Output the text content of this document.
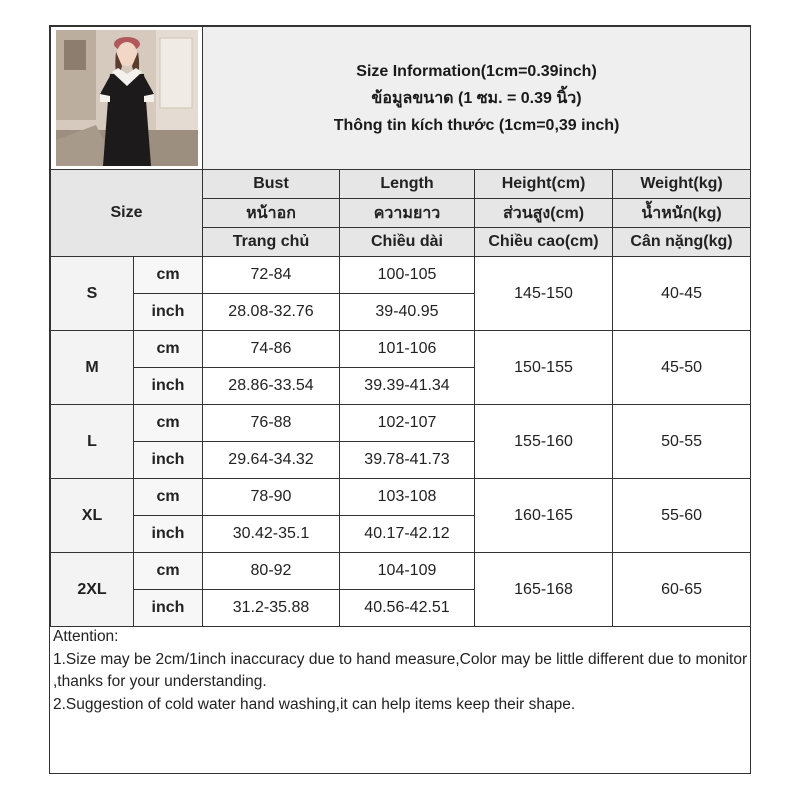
Size Information(1cm=0.39inch)
ข้อมูลขนาด (1 ซม. = 0.39 นิ้ว)
Thông tin kích thước (1cm=0,39 inch)			

Size		Bust	Length	Height(cm)	Weight(kg)
		หน้าอก	ความยาว	ส่วนสูง(cm)	น้ำหนัก(kg)
		Trang chủ	Chiều dài	Chiều cao(cm)	Cân nặng(kg)
S	cm	72-84	100-105	145-150	40-45
	inch	28.08-32.76	39-40.95		
M	cm	74-86	101-106	150-155	45-50
	inch	28.86-33.54	39.39-41.34		
L	cm	76-88	102-107	155-160	50-55
	inch	29.64-34.32	39.78-41.73		
XL	cm	78-90	103-108	160-165	55-60
	inch	30.42-35.1	40.17-42.12		
2XL	cm	80-92	104-109	165-168	60-65
	inch	31.2-35.88	40.56-42.51		
Attention:
1.Size may be 2cm/1inch inaccuracy due to hand measure,Color may be little different due to monitor ,thanks for your understanding.
2.Suggestion of cold water hand washing,it can help items keep their shape.
